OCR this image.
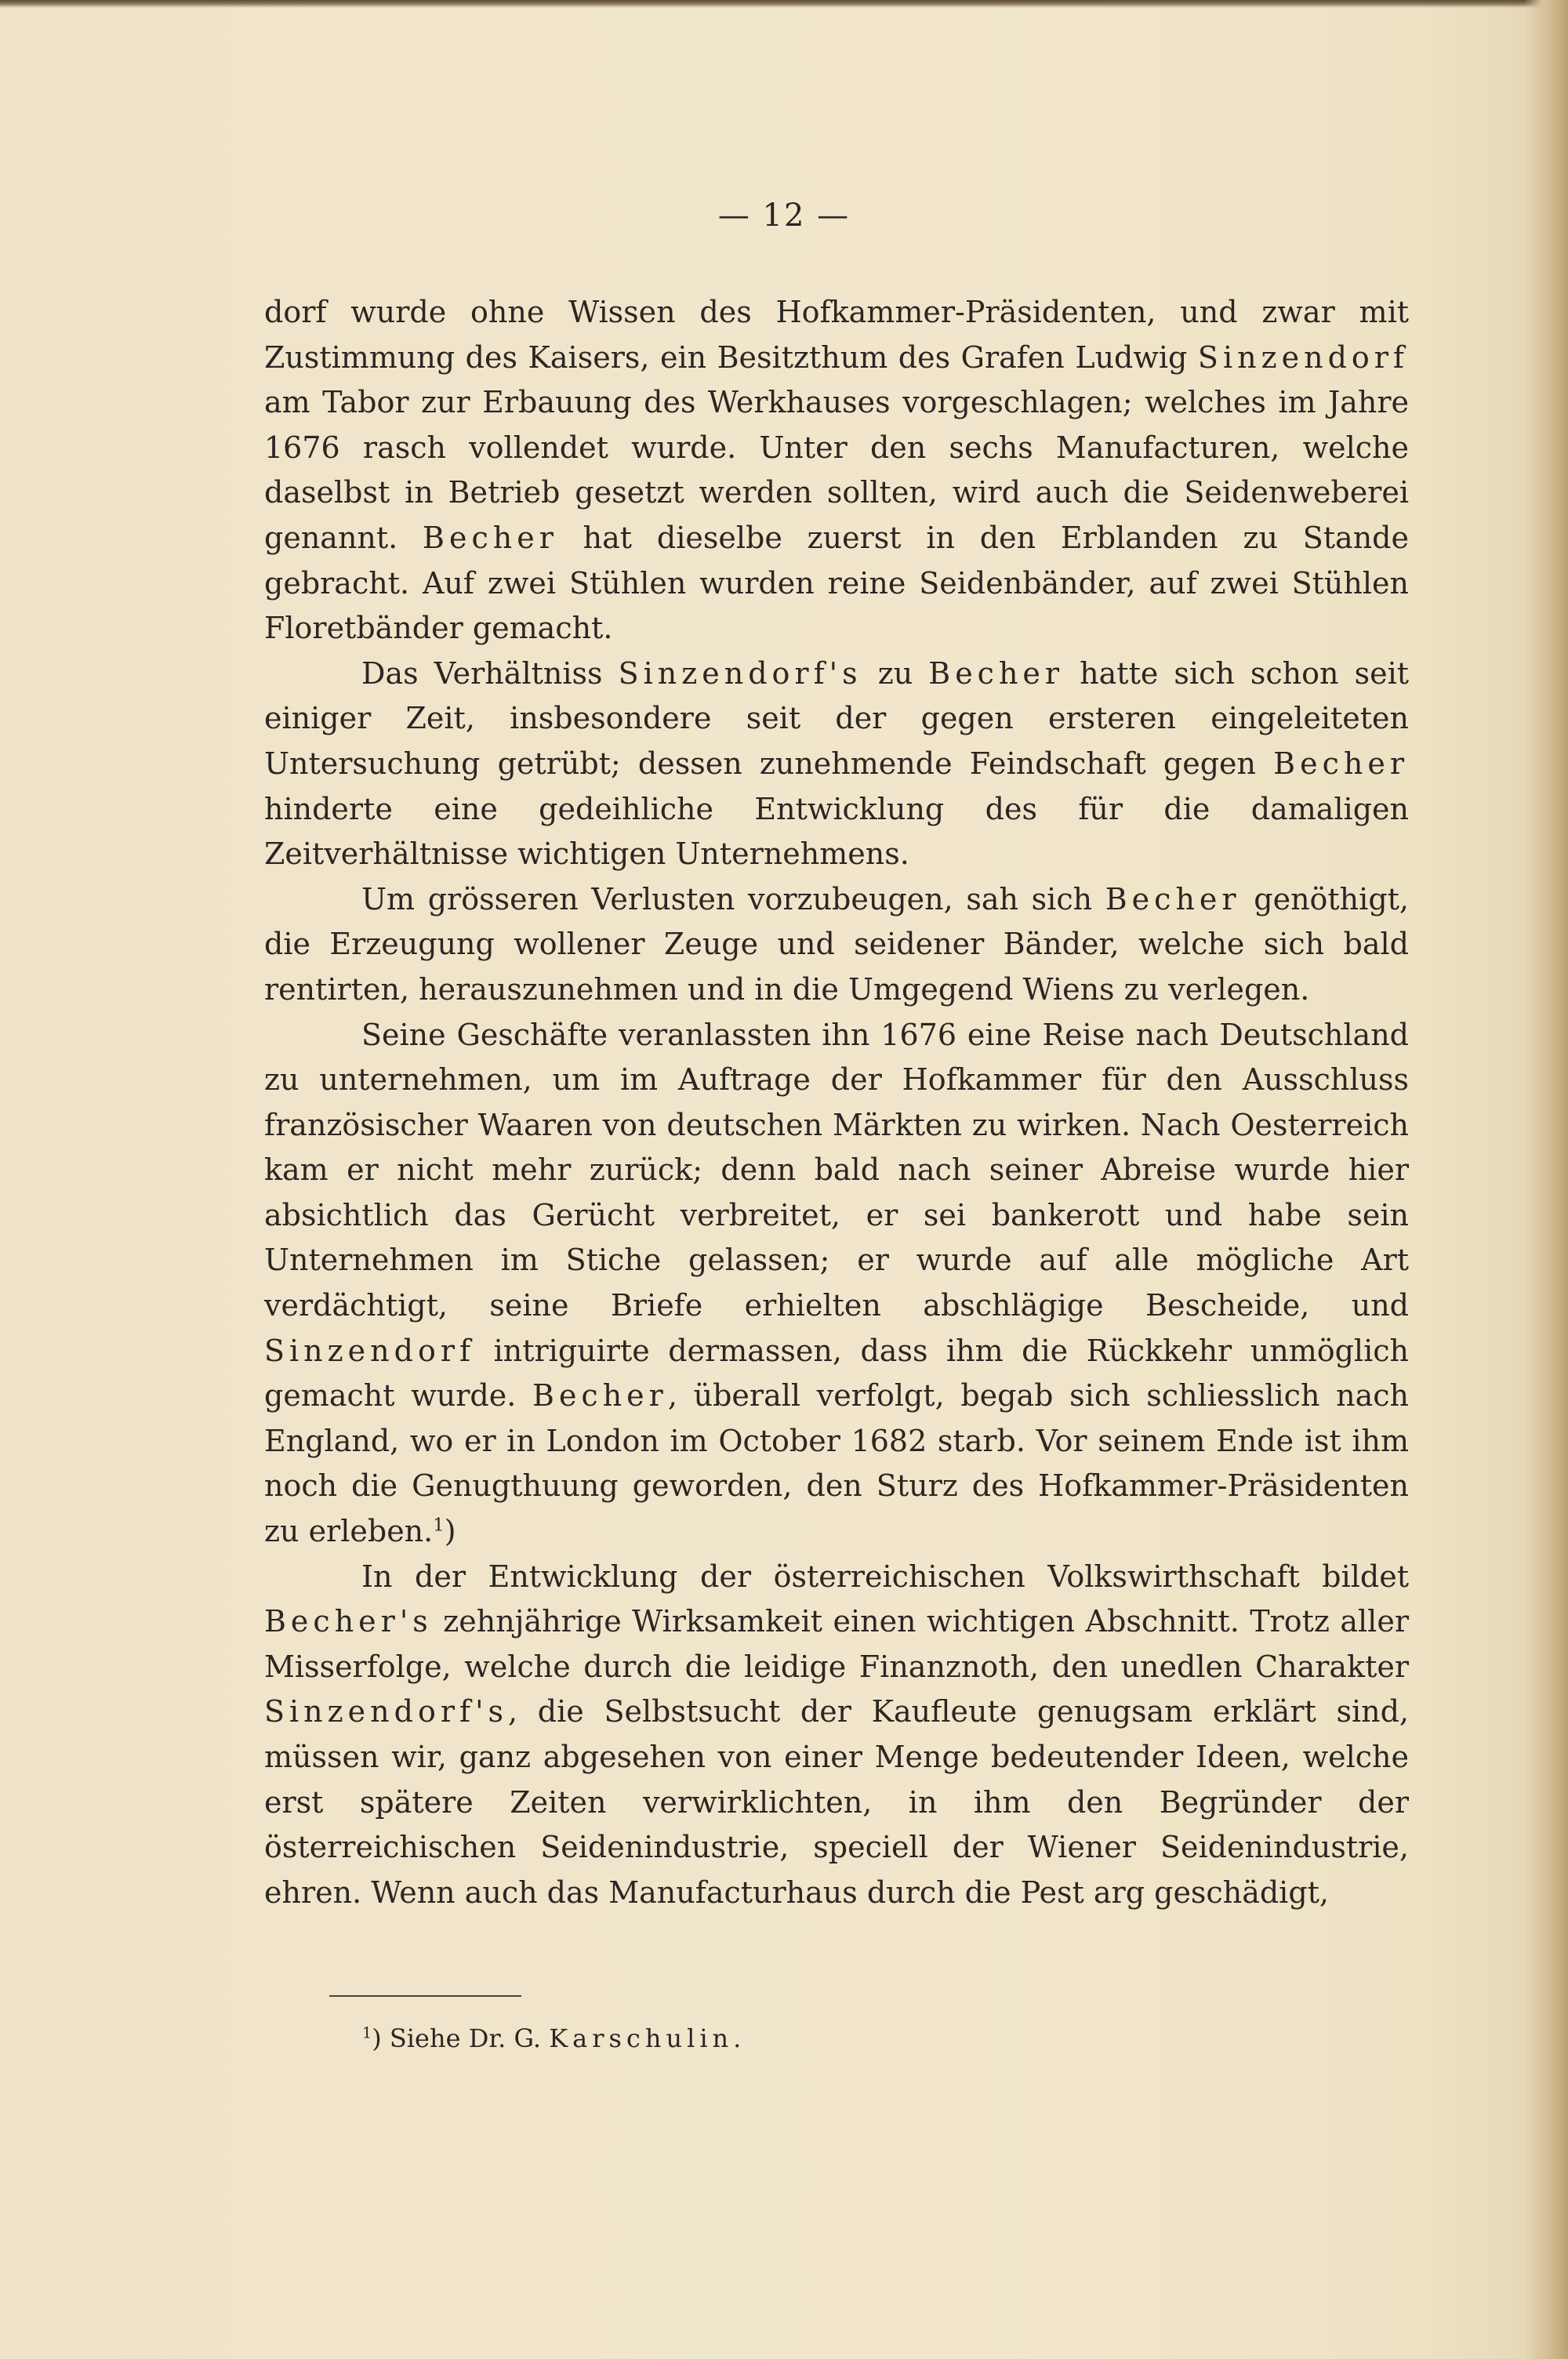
— 12 —

dorf wurde ohne Wissen des Hofkammer-Präsidenten, und zwar mit Zustimmung des Kaisers, ein Besitzthum des Grafen Ludwig Sinzendorf am Tabor zur Erbauung des Werkhauses vorgeschlagen; welches im Jahre 1676 rasch vollendet wurde. Unter den sechs Manufacturen, welche daselbst in Betrieb gesetzt werden sollten, wird auch die Seidenweberei genannt. Becher hat dieselbe zuerst in den Erblanden zu Stande gebracht. Auf zwei Stühlen wurden reine Seidenbänder, auf zwei Stühlen Floretbänder gemacht.

Das Verhältniss Sinzendorf's zu Becher hatte sich schon seit einiger Zeit, insbesondere seit der gegen ersteren eingeleiteten Untersuchung getrübt; dessen zunehmende Feindschaft gegen Becher hinderte eine gedeihliche Entwicklung des für die damaligen Zeitverhältnisse wichtigen Unternehmens.

Um grösseren Verlusten vorzubeugen, sah sich Becher genöthigt, die Erzeugung wollener Zeuge und seidener Bänder, welche sich bald rentirten, herauszunehmen und in die Umgegend Wiens zu verlegen.

Seine Geschäfte veranlassten ihn 1676 eine Reise nach Deutschland zu unternehmen, um im Auftrage der Hofkammer für den Ausschluss französischer Waaren von deutschen Märkten zu wirken. Nach Oesterreich kam er nicht mehr zurück; denn bald nach seiner Abreise wurde hier absichtlich das Gerücht verbreitet, er sei bankerott und habe sein Unternehmen im Stiche gelassen; er wurde auf alle mögliche Art verdächtigt, seine Briefe erhielten abschlägige Bescheide, und Sinzendorf intriguirte dermassen, dass ihm die Rückkehr unmöglich gemacht wurde. Becher, überall verfolgt, begab sich schliesslich nach England, wo er in London im October 1682 starb. Vor seinem Ende ist ihm noch die Genugthuung geworden, den Sturz des Hofkammer-Präsidenten zu erleben.$^1$)

In der Entwicklung der österreichischen Volkswirthschaft bildet Becher's zehnjährige Wirksamkeit einen wichtigen Abschnitt. Trotz aller Misserfolge, welche durch die leidige Finanznoth, den unedlen Charakter Sinzendorf's, die Selbstsucht der Kaufleute genugsam erklärt sind, müssen wir, ganz abgesehen von einer Menge bedeutender Ideen, welche erst spätere Zeiten verwirklichten, in ihm den Begründer der österreichischen Seidenindustrie, speciell der Wiener Seidenindustrie, ehren. Wenn auch das Manufacturhaus durch die Pest arg geschädigt,

$^1$) Siehe Dr. G. Karschulin.
